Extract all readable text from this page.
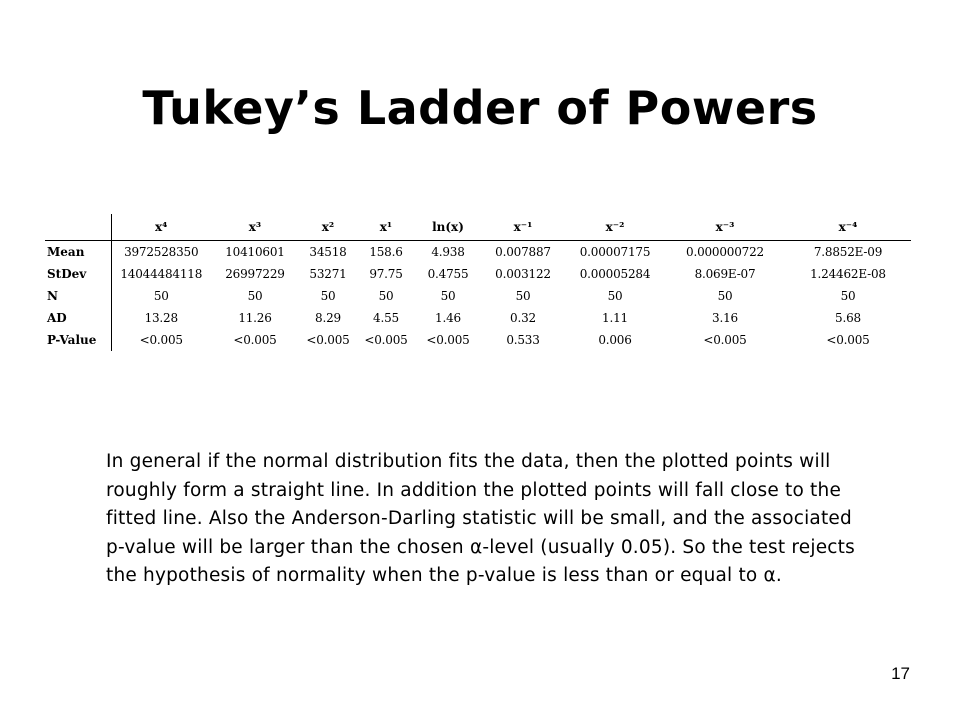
Tukey’s Ladder of Powers
	x⁴	x³	x²	x¹	ln(x)	x⁻¹	x⁻²	x⁻³	x⁻⁴
Mean	3972528350	10410601	34518	158.6	4.938	0.007887	0.00007175	0.000000722	7.8852E-09
StDev	14044484118	26997229	53271	97.75	0.4755	0.003122	0.00005284	8.069E-07	1.24462E-08
N	50	50	50	50	50	50	50	50	50
AD	13.28	11.26	8.29	4.55	1.46	0.32	1.11	3.16	5.68
P-Value	<0.005	<0.005	<0.005	<0.005	<0.005	0.533	0.006	<0.005	<0.005

In general if the normal distribution fits the data, then the plotted points will roughly form a straight line. In addition the plotted points will fall close to the fitted line. Also the Anderson-Darling statistic will be small, and the associated p-value will be larger than the chosen α-level (usually 0.05). So the test rejects the hypothesis of normality when the p-value is less than or equal to α.

17
